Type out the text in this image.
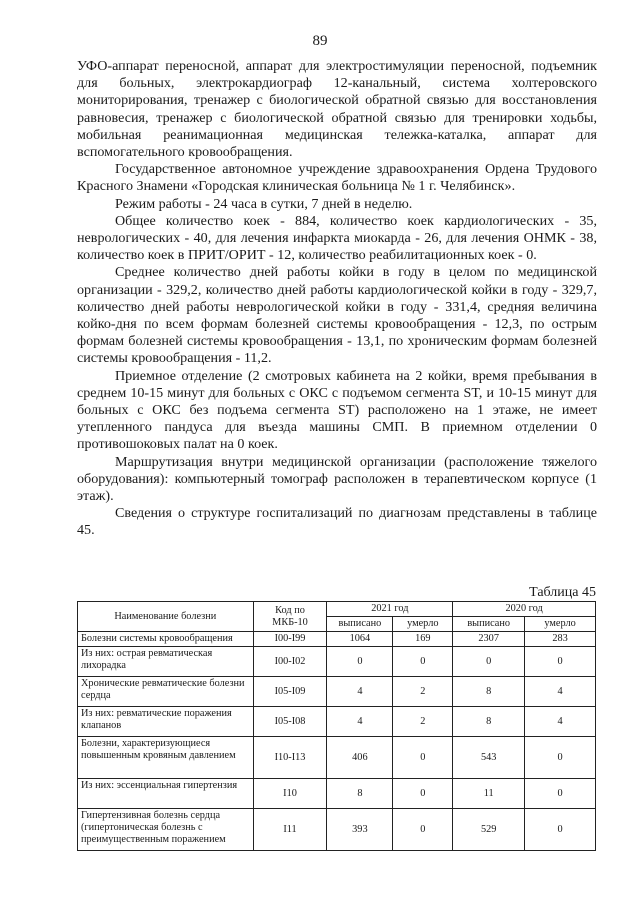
89

УФО-аппарат переносной, аппарат для электростимуляции переносной, подъемник для больных, электрокардиограф 12-канальный, система холтеровского мониторирования, тренажер с биологической обратной связью для восстановления равновесия, тренажер с биологической обратной связью для тренировки ходьбы, мобильная реанимационная медицинская тележка-каталка, аппарат для вспомогательного кровообращения.

Государственное автономное учреждение здравоохранения Ордена Трудового Красного Знамени «Городская клиническая больница № 1 г. Челябинск».

Режим работы - 24 часа в сутки, 7 дней в неделю.

Общее количество коек - 884, количество коек кардиологических - 35, неврологических - 40, для лечения инфаркта миокарда - 26, для лечения ОНМК - 38, количество коек в ПРИТ/ОРИТ - 12, количество реабилитационных коек - 0.

Среднее количество дней работы койки в году в целом по медицинской организации - 329,2, количество дней работы кардиологической койки в году - 329,7, количество дней работы неврологической койки в году - 331,4, средняя величина койко-дня по всем формам болезней системы кровообращения - 12,3, по острым формам болезней системы кровообращения - 13,1, по хроническим формам болезней системы кровообращения - 11,2.

Приемное отделение (2 смотровых кабинета на 2 койки, время пребывания в среднем 10-15 минут для больных с ОКС с подъемом сегмента ST, и 10-15 минут для больных с ОКС без подъема сегмента ST) расположено на 1 этаже, не имеет утепленного пандуса для въезда машины СМП. В приемном отделении 0 противошоковых палат на 0 коек.

Маршрутизация внутри медицинской организации (расположение тяжелого оборудования): компьютерный томограф расположен в терапевтическом корпусе (1 этаж).

Сведения о структуре госпитализаций по диагнозам представлены в таблице 45.

Таблица 45
Наименование болезни	Код по МКБ-10	2021 год		2020 год	
		выписано	умерло	выписано	умерло
Болезни системы кровообращения	I00-I99	1064	169	2307	283
Из них: острая ревматическая лихорадка	I00-I02	0	0	0	0
Хронические ревматические болезни сердца	I05-I09	4	2	8	4
Из них: ревматические поражения клапанов	I05-I08	4	2	8	4
Болезни, характеризующиеся повышенным кровяным давлением	I10-I13	406	0	543	0
Из них: эссенциальная гипертензия	I10	8	0	11	0
Гипертензивная болезнь сердца (гипертоническая болезнь с преимущественным поражением	I11	393	0	529	0
